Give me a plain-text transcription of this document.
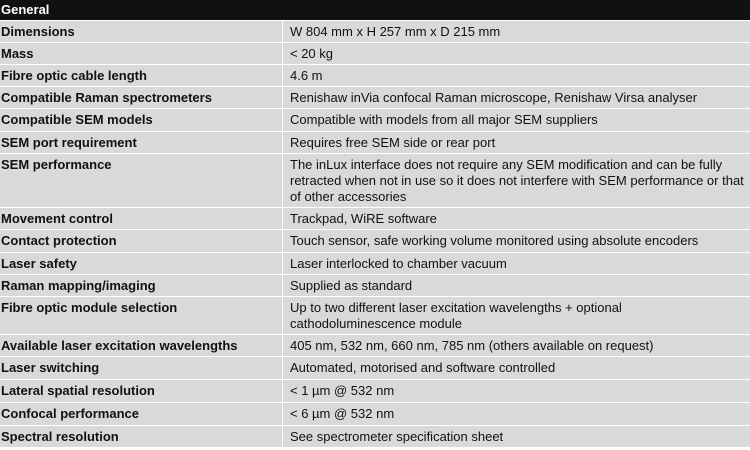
General
Dimensions	W 804 mm x H 257 mm x D 215 mm
Mass	< 20 kg
Fibre optic cable length	4.6 m
Compatible Raman spectrometers	Renishaw inVia confocal Raman microscope, Renishaw Virsa analyser
Compatible SEM models	Compatible with models from all major SEM suppliers
SEM port requirement	Requires free SEM side or rear port
SEM performance	The inLux interface does not require any SEM modification and can be fully retracted when not in use so it does not interfere with SEM performance or that of other accessories
Movement control	Trackpad, WiRE software
Contact protection	Touch sensor, safe working volume monitored using absolute encoders
Laser safety	Laser interlocked to chamber vacuum
Raman mapping/imaging	Supplied as standard
Fibre optic module selection	Up to two different laser excitation wavelengths + optional cathodoluminescence module
Available laser excitation wavelengths	405 nm, 532 nm, 660 nm, 785 nm (others available on request)
Laser switching	Automated, motorised and software controlled
Lateral spatial resolution	< 1 µm @ 532 nm
Confocal performance	< 6 µm @ 532 nm
Spectral resolution	See spectrometer specification sheet
